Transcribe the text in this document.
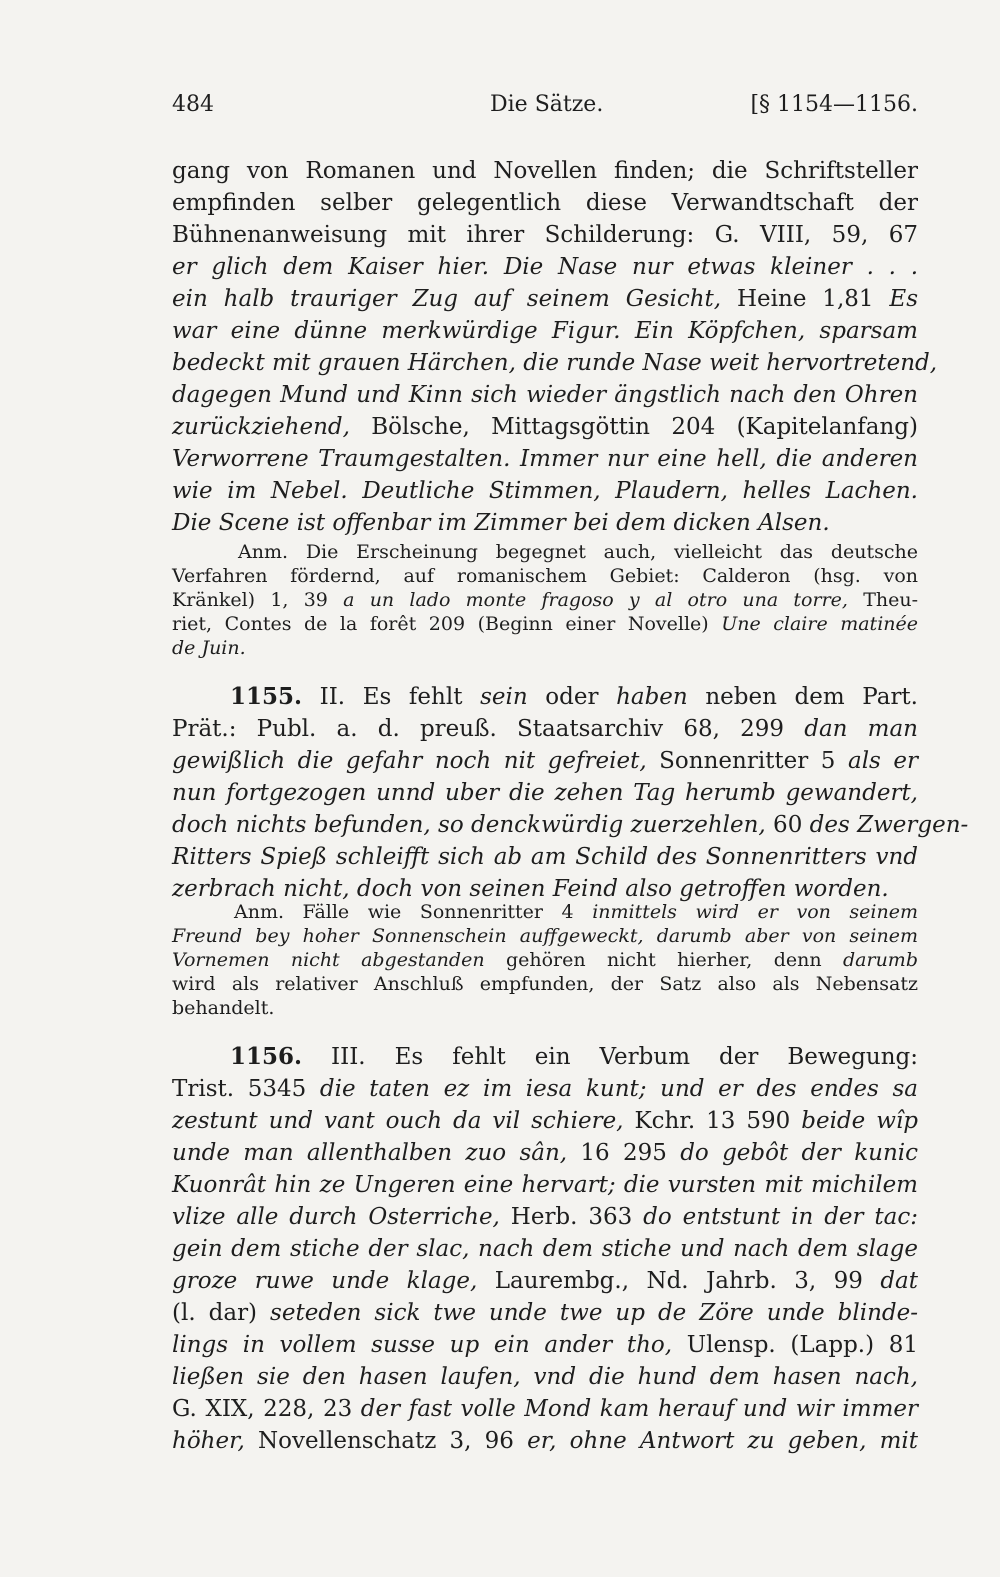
484	Die Sätze.	[§ 1154—1156.
gang von Romanen und Novellen finden; die Schriftsteller
empfinden selber gelegentlich diese Verwandtschaft der
Bühnenanweisung mit ihrer Schilderung: G. VIII, 59, 67
er glich dem Kaiser hier. Die Nase nur etwas kleiner . . .
ein halb trauriger Zug auf seinem Gesicht, Heine 1,81 Es
war eine dünne merkwürdige Figur. Ein Köpfchen, sparsam
bedeckt mit grauen Härchen, die runde Nase weit hervortretend,
dagegen Mund und Kinn sich wieder ängstlich nach den Ohren
zurückziehend, Bölsche, Mittagsgöttin 204 (Kapitelanfang)
Verworrene Traumgestalten. Immer nur eine hell, die anderen
wie im Nebel. Deutliche Stimmen, Plaudern, helles Lachen.
Die Scene ist offenbar im Zimmer bei dem dicken Alsen.
Anm. Die Erscheinung begegnet auch, vielleicht das deutsche
Verfahren fördernd, auf romanischem Gebiet: Calderon (hsg. von
Kränkel) 1, 39 a un lado monte fragoso y al otro una torre, Theu-
riet, Contes de la forêt 209 (Beginn einer Novelle) Une claire matinée
de Juin.
1155. II. Es fehlt sein oder haben neben dem Part.
Prät.: Publ. a. d. preuß. Staatsarchiv 68, 299 dan man
gewißlich die gefahr noch nit gefreiet, Sonnenritter 5 als er
nun fortgezogen unnd uber die zehen Tag herumb gewandert,
doch nichts befunden, so denckwürdig zuerzehlen, 60 des Zwergen-
Ritters Spieß schleifft sich ab am Schild des Sonnenritters vnd
zerbrach nicht, doch von seinen Feind also getroffen worden.
Anm. Fälle wie Sonnenritter 4 inmittels wird er von seinem
Freund bey hoher Sonnenschein auffgeweckt, darumb aber von seinem
Vornemen nicht abgestanden gehören nicht hierher, denn darumb
wird als relativer Anschluß empfunden, der Satz also als Nebensatz
behandelt.
1156. III. Es fehlt ein Verbum der Bewegung:
Trist. 5345 die taten ez im iesa kunt; und er des endes sa
zestunt und vant ouch da vil schiere, Kchr. 13 590 beide wîp
unde man allenthalben zuo sân, 16 295 do gebôt der kunic
Kuonrât hin ze Ungeren eine hervart; die vursten mit michilem
vlize alle durch Osterriche, Herb. 363 do entstunt in der tac:
gein dem stiche der slac, nach dem stiche und nach dem slage
groze ruwe unde klage, Laurembg., Nd. Jahrb. 3, 99 dat
(l. dar) seteden sick twe unde twe up de Zöre unde blinde-
lings in vollem susse up ein ander tho, Ulensp. (Lapp.) 81
ließen sie den hasen laufen, vnd die hund dem hasen nach,
G. XIX, 228, 23 der fast volle Mond kam herauf und wir immer
höher, Novellenschatz 3, 96 er, ohne Antwort zu geben, mit
